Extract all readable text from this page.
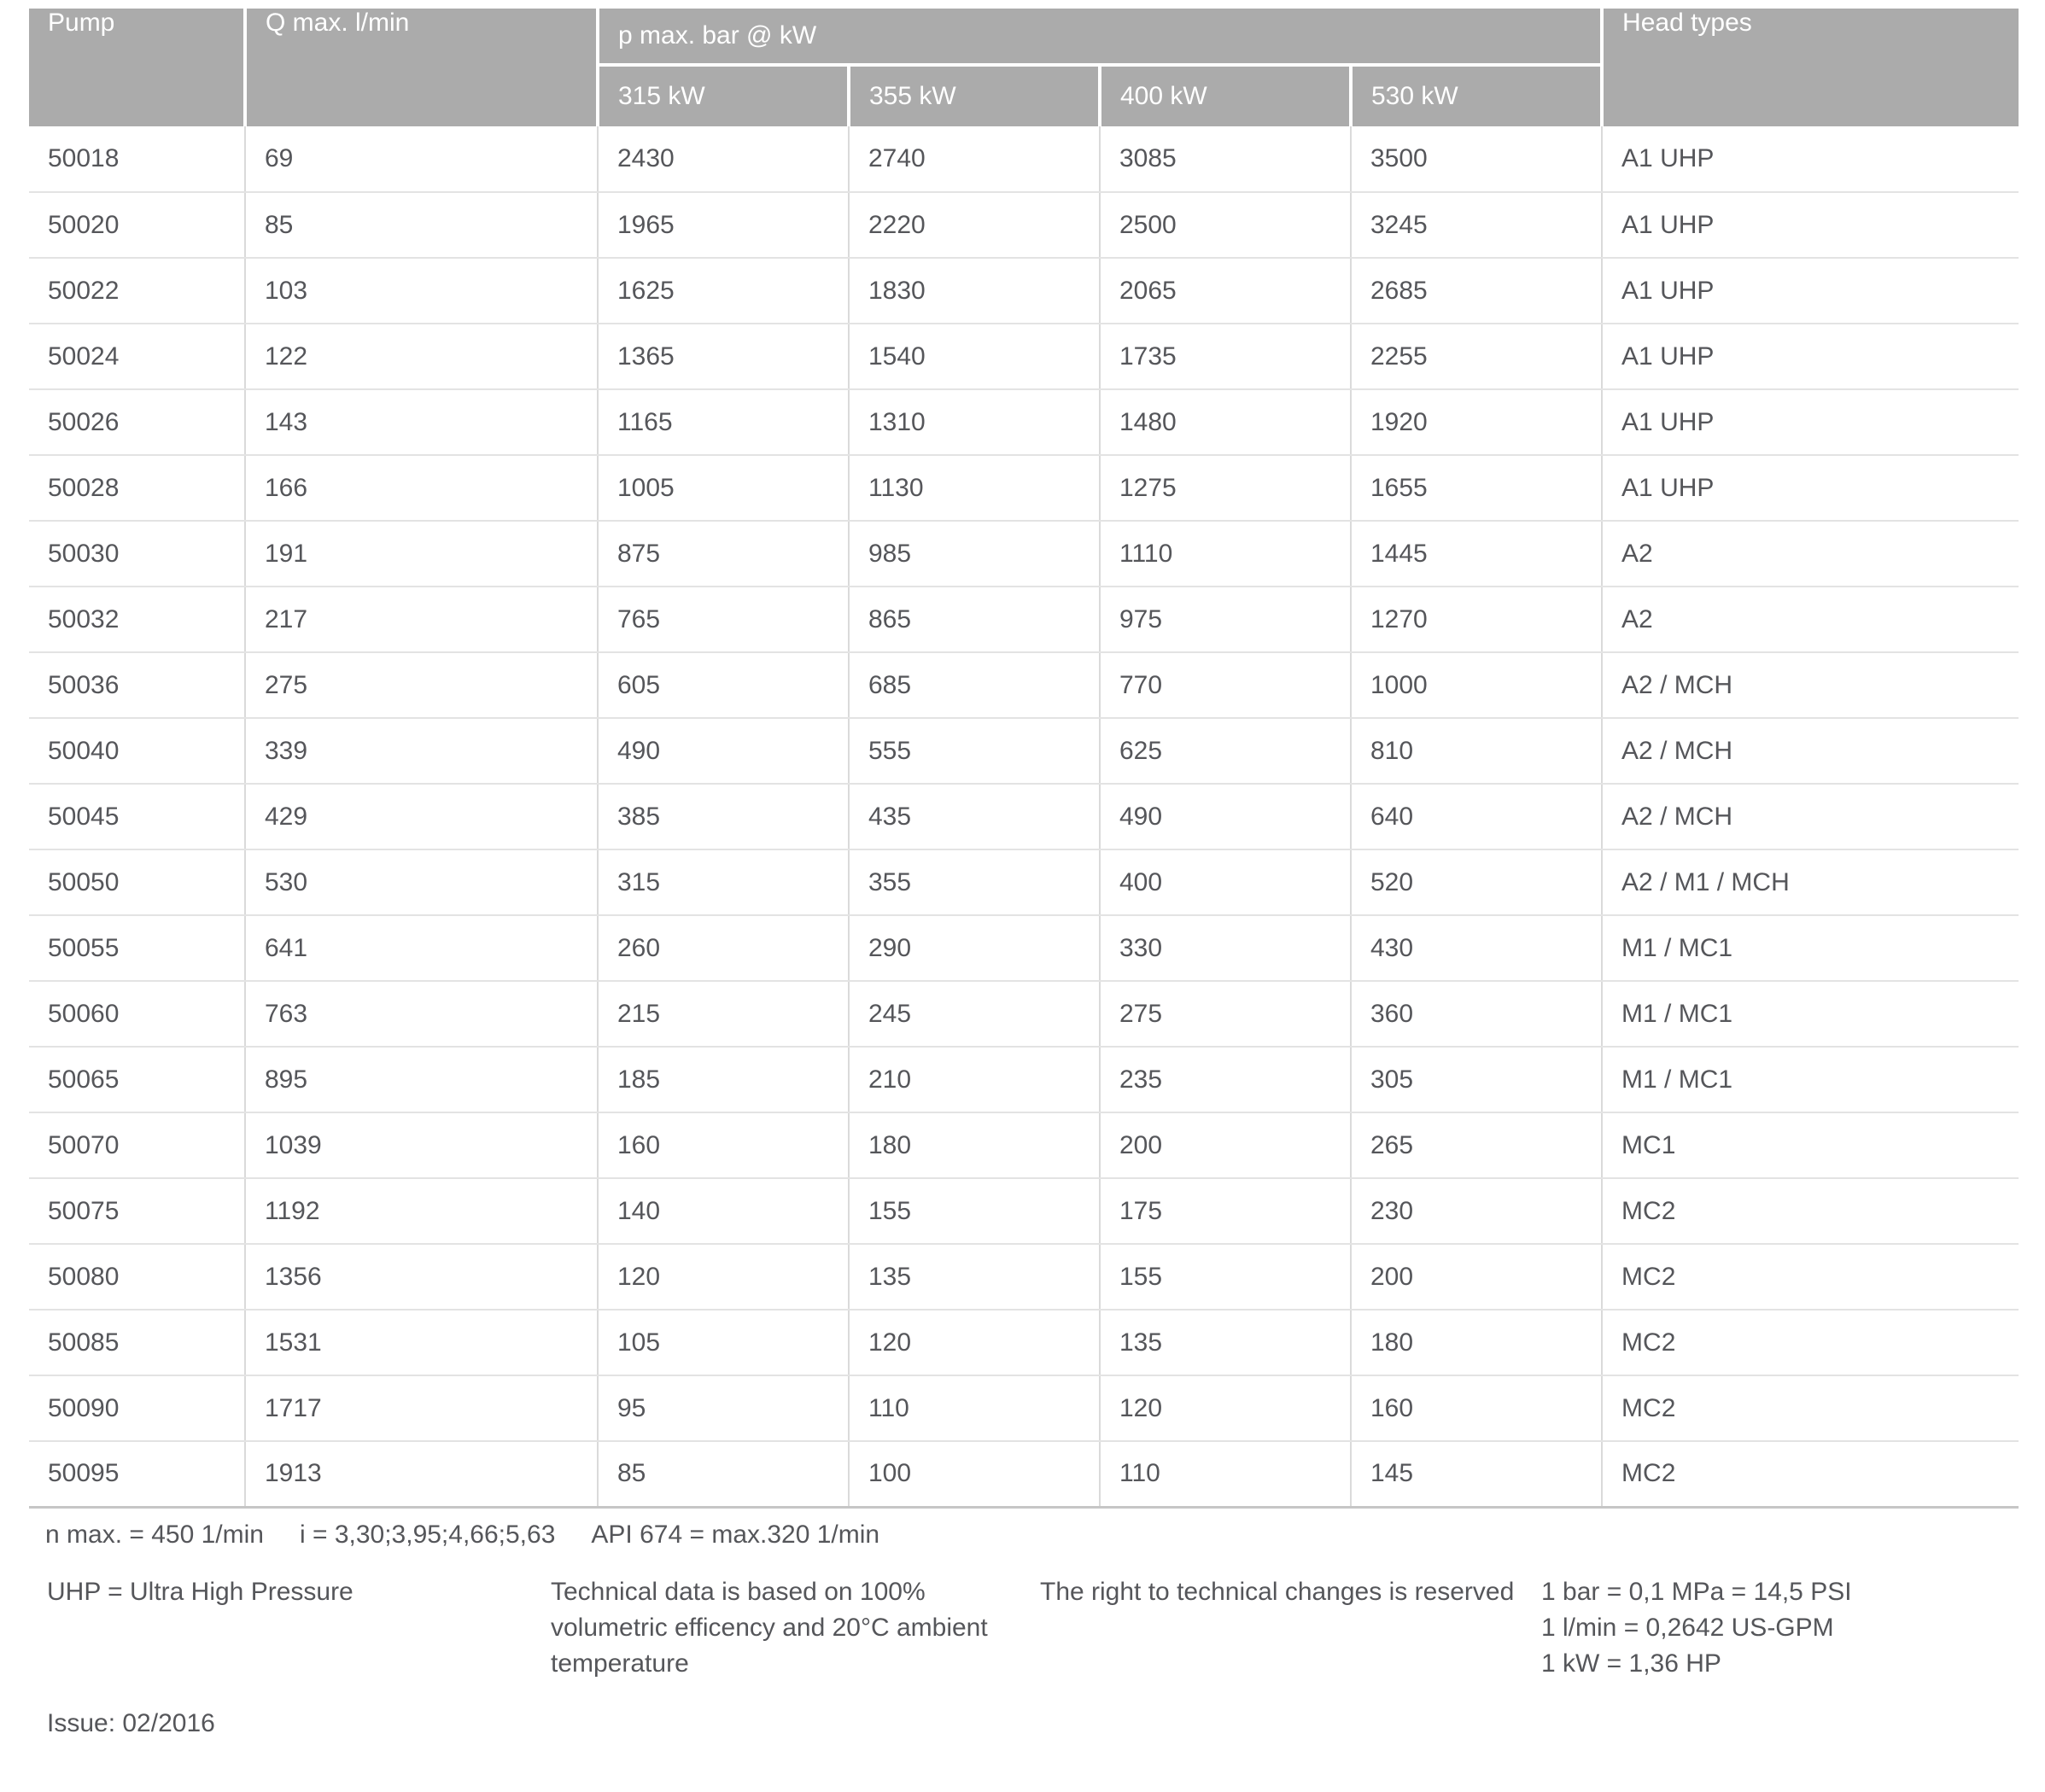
Pump	Q max. l/min	p max. bar @ kW				Head types
		315 kW	355 kW	400 kW	530 kW	
50018	69	2430	2740	3085	3500	A1 UHP
50020	85	1965	2220	2500	3245	A1 UHP
50022	103	1625	1830	2065	2685	A1 UHP
50024	122	1365	1540	1735	2255	A1 UHP
50026	143	1165	1310	1480	1920	A1 UHP
50028	166	1005	1130	1275	1655	A1 UHP
50030	191	875	985	1110	1445	A2
50032	217	765	865	975	1270	A2
50036	275	605	685	770	1000	A2 / MCH
50040	339	490	555	625	810	A2 / MCH
50045	429	385	435	490	640	A2 / MCH
50050	530	315	355	400	520	A2 / M1 / MCH
50055	641	260	290	330	430	M1 / MC1
50060	763	215	245	275	360	M1 / MC1
50065	895	185	210	235	305	M1 / MC1
50070	1039	160	180	200	265	MC1
50075	1192	140	155	175	230	MC2
50080	1356	120	135	155	200	MC2
50085	1531	105	120	135	180	MC2
50090	1717	95	110	120	160	MC2
50095	1913	85	100	110	145	MC2
n max. = 450 1/min i = 3,30;3,95;4,66;5,63 API 674 = max.320 1/min
UHP = Ultra High Pressure	Technical data is based on 100%
volumetric efficency and 20°C ambient
temperature
The right to technical changes is reserved 1 bar = 0,1 MPa = 14,5 PSI
1 l/min = 0,2642 US-GPM
1 kW = 1,36 HP
Issue: 02/2016
